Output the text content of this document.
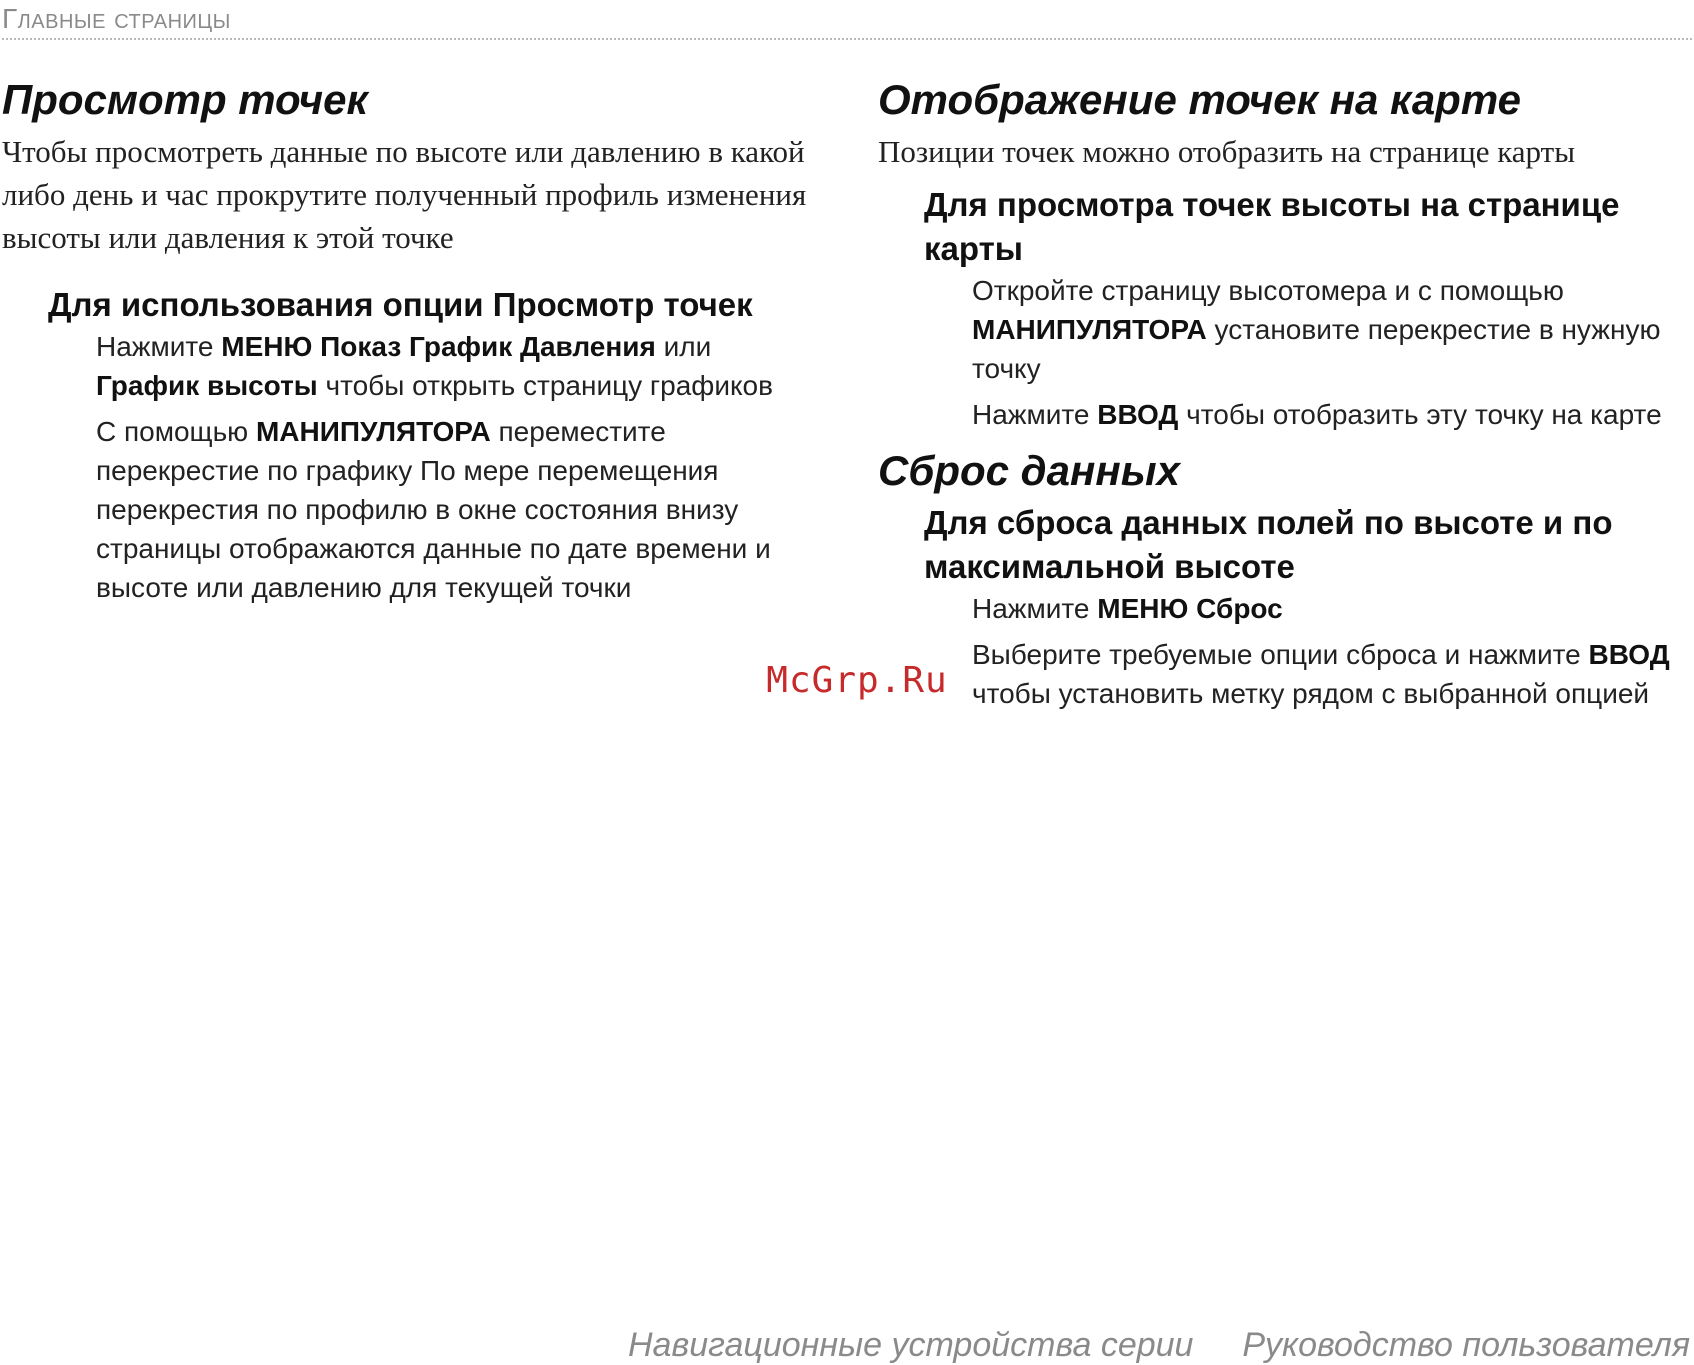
Главные страницы
Просмотр точек

Чтобы просмотреть данные по высоте или давлению в какой либо день и час прокрутите полученный профиль изменения высоты или давления к этой точке

Для использования опции Просмотр точек
Нажмите МЕНЮ Показ График Давления или График высоты чтобы открыть страницу графиков
С помощью МАНИПУЛЯТОРА переместите перекрестие по графику По мере перемещения перекрестия по профилю в окне состояния внизу страницы отображаются данные по дате времени и высоте или давлению для текущей точки
Отображение точек на карте

Позиции точек можно отобразить на странице карты

Для просмотра точек высоты на странице карты
Откройте страницу высотомера и с помощью МАНИПУЛЯТОРА установите перекрестие в нужную точку
Нажмите ВВОД чтобы отобразить эту точку на карте
Сброс данных
Для сброса данных полей по высоте и по максимальной высоте
Нажмите МЕНЮ Сброс
Выберите требуемые опции сброса и нажмите ВВОД чтобы установить метку рядом с выбранной опцией
McGrp.Ru
Навигационные устройства серии Руководство пользователя
